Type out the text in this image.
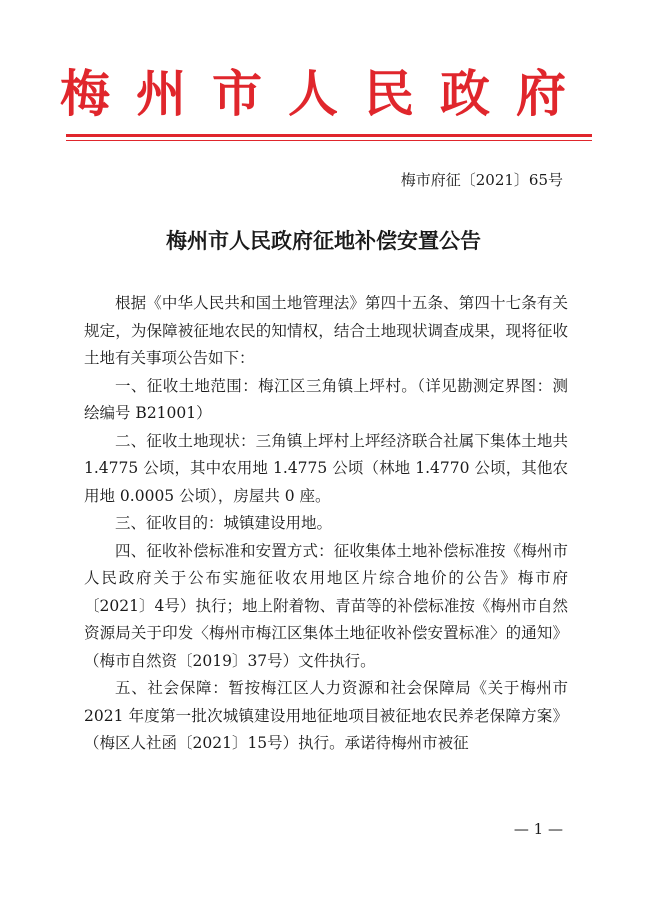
梅州市人民政府
梅市府征〔2021〕65号
梅州市人民政府征地补偿安置公告

根据《中华人民共和国土地管理法》第四十五条、第四十七条有关规定，为保障被征地农民的知情权，结合土地现状调查成果，现将征收土地有关事项公告如下：

一、征收土地范围：梅江区三角镇上坪村。（详见勘测定界图：测绘编号 B21001）

二、征收土地现状：三角镇上坪村上坪经济联合社属下集体土地共 1.4775 公顷，其中农用地 1.4775 公顷（林地 1.4770 公顷，其他农用地 0.0005 公顷），房屋共 0 座。

三、征收目的：城镇建设用地。

四、征收补偿标准和安置方式：征收集体土地补偿标准按《梅州市人民政府关于公布实施征收农用地区片综合地价的公告》梅市府〔2021〕4号）执行；地上附着物、青苗等的补偿标准按《梅州市自然资源局关于印发〈梅州市梅江区集体土地征收补偿安置标准〉的通知》（梅市自然资〔2019〕37号）文件执行。

五、社会保障：暂按梅江区人力资源和社会保障局《关于梅州市 2021 年度第一批次城镇建设用地征地项目被征地农民养老保障方案》（梅区人社函〔2021〕15号）执行。承诺待梅州市被征

— 1 —
